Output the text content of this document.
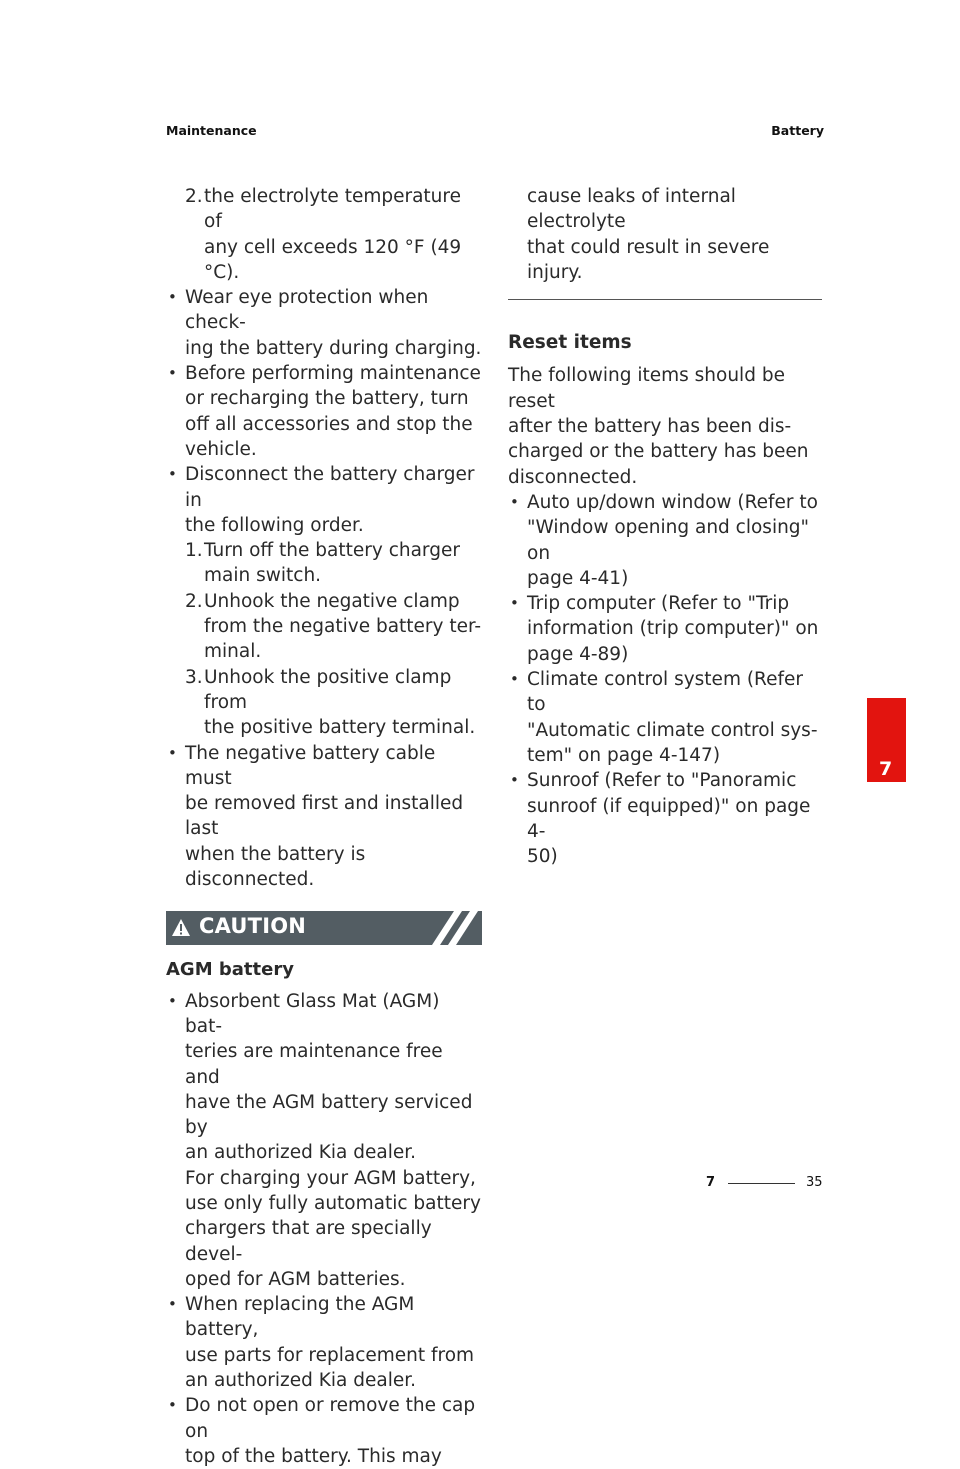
Maintenance	Battery
2. the electrolyte temperature of
any cell exceeds 120 °F (49 °C).
• Wear eye protection when check-
ing the battery during charging.
• Before performing maintenance
or recharging the battery, turn
off all accessories and stop the
vehicle.
• Disconnect the battery charger in
the following order.
1. Turn off the battery charger
main switch.
2. Unhook the negative clamp
from the negative battery ter-
minal.
3. Unhook the positive clamp from
the positive battery terminal.
• The negative battery cable must
be removed first and installed last
when the battery is disconnected.
CAUTION
AGM battery
• Absorbent Glass Mat (AGM) bat-
teries are maintenance free and
have the AGM battery serviced by
an authorized Kia dealer.
For charging your AGM battery,
use only fully automatic battery
chargers that are specially devel-
oped for AGM batteries.
• When replacing the AGM battery,
use parts for replacement from
an authorized Kia dealer.
• Do not open or remove the cap on
top of the battery. This may
cause leaks of internal electrolyte
that could result in severe injury.
Reset items
The following items should be reset
after the battery has been dis-
charged or the battery has been
disconnected.
• Auto up/down window (Refer to
"Window opening and closing" on
page 4-41)
• Trip computer (Refer to "Trip
information (trip computer)" on
page 4-89)
• Climate control system (Refer to
"Automatic climate control sys-
tem" on page 4-147)
• Sunroof (Refer to "Panoramic
sunroof (if equipped)" on page 4-
50)
7
7	35
